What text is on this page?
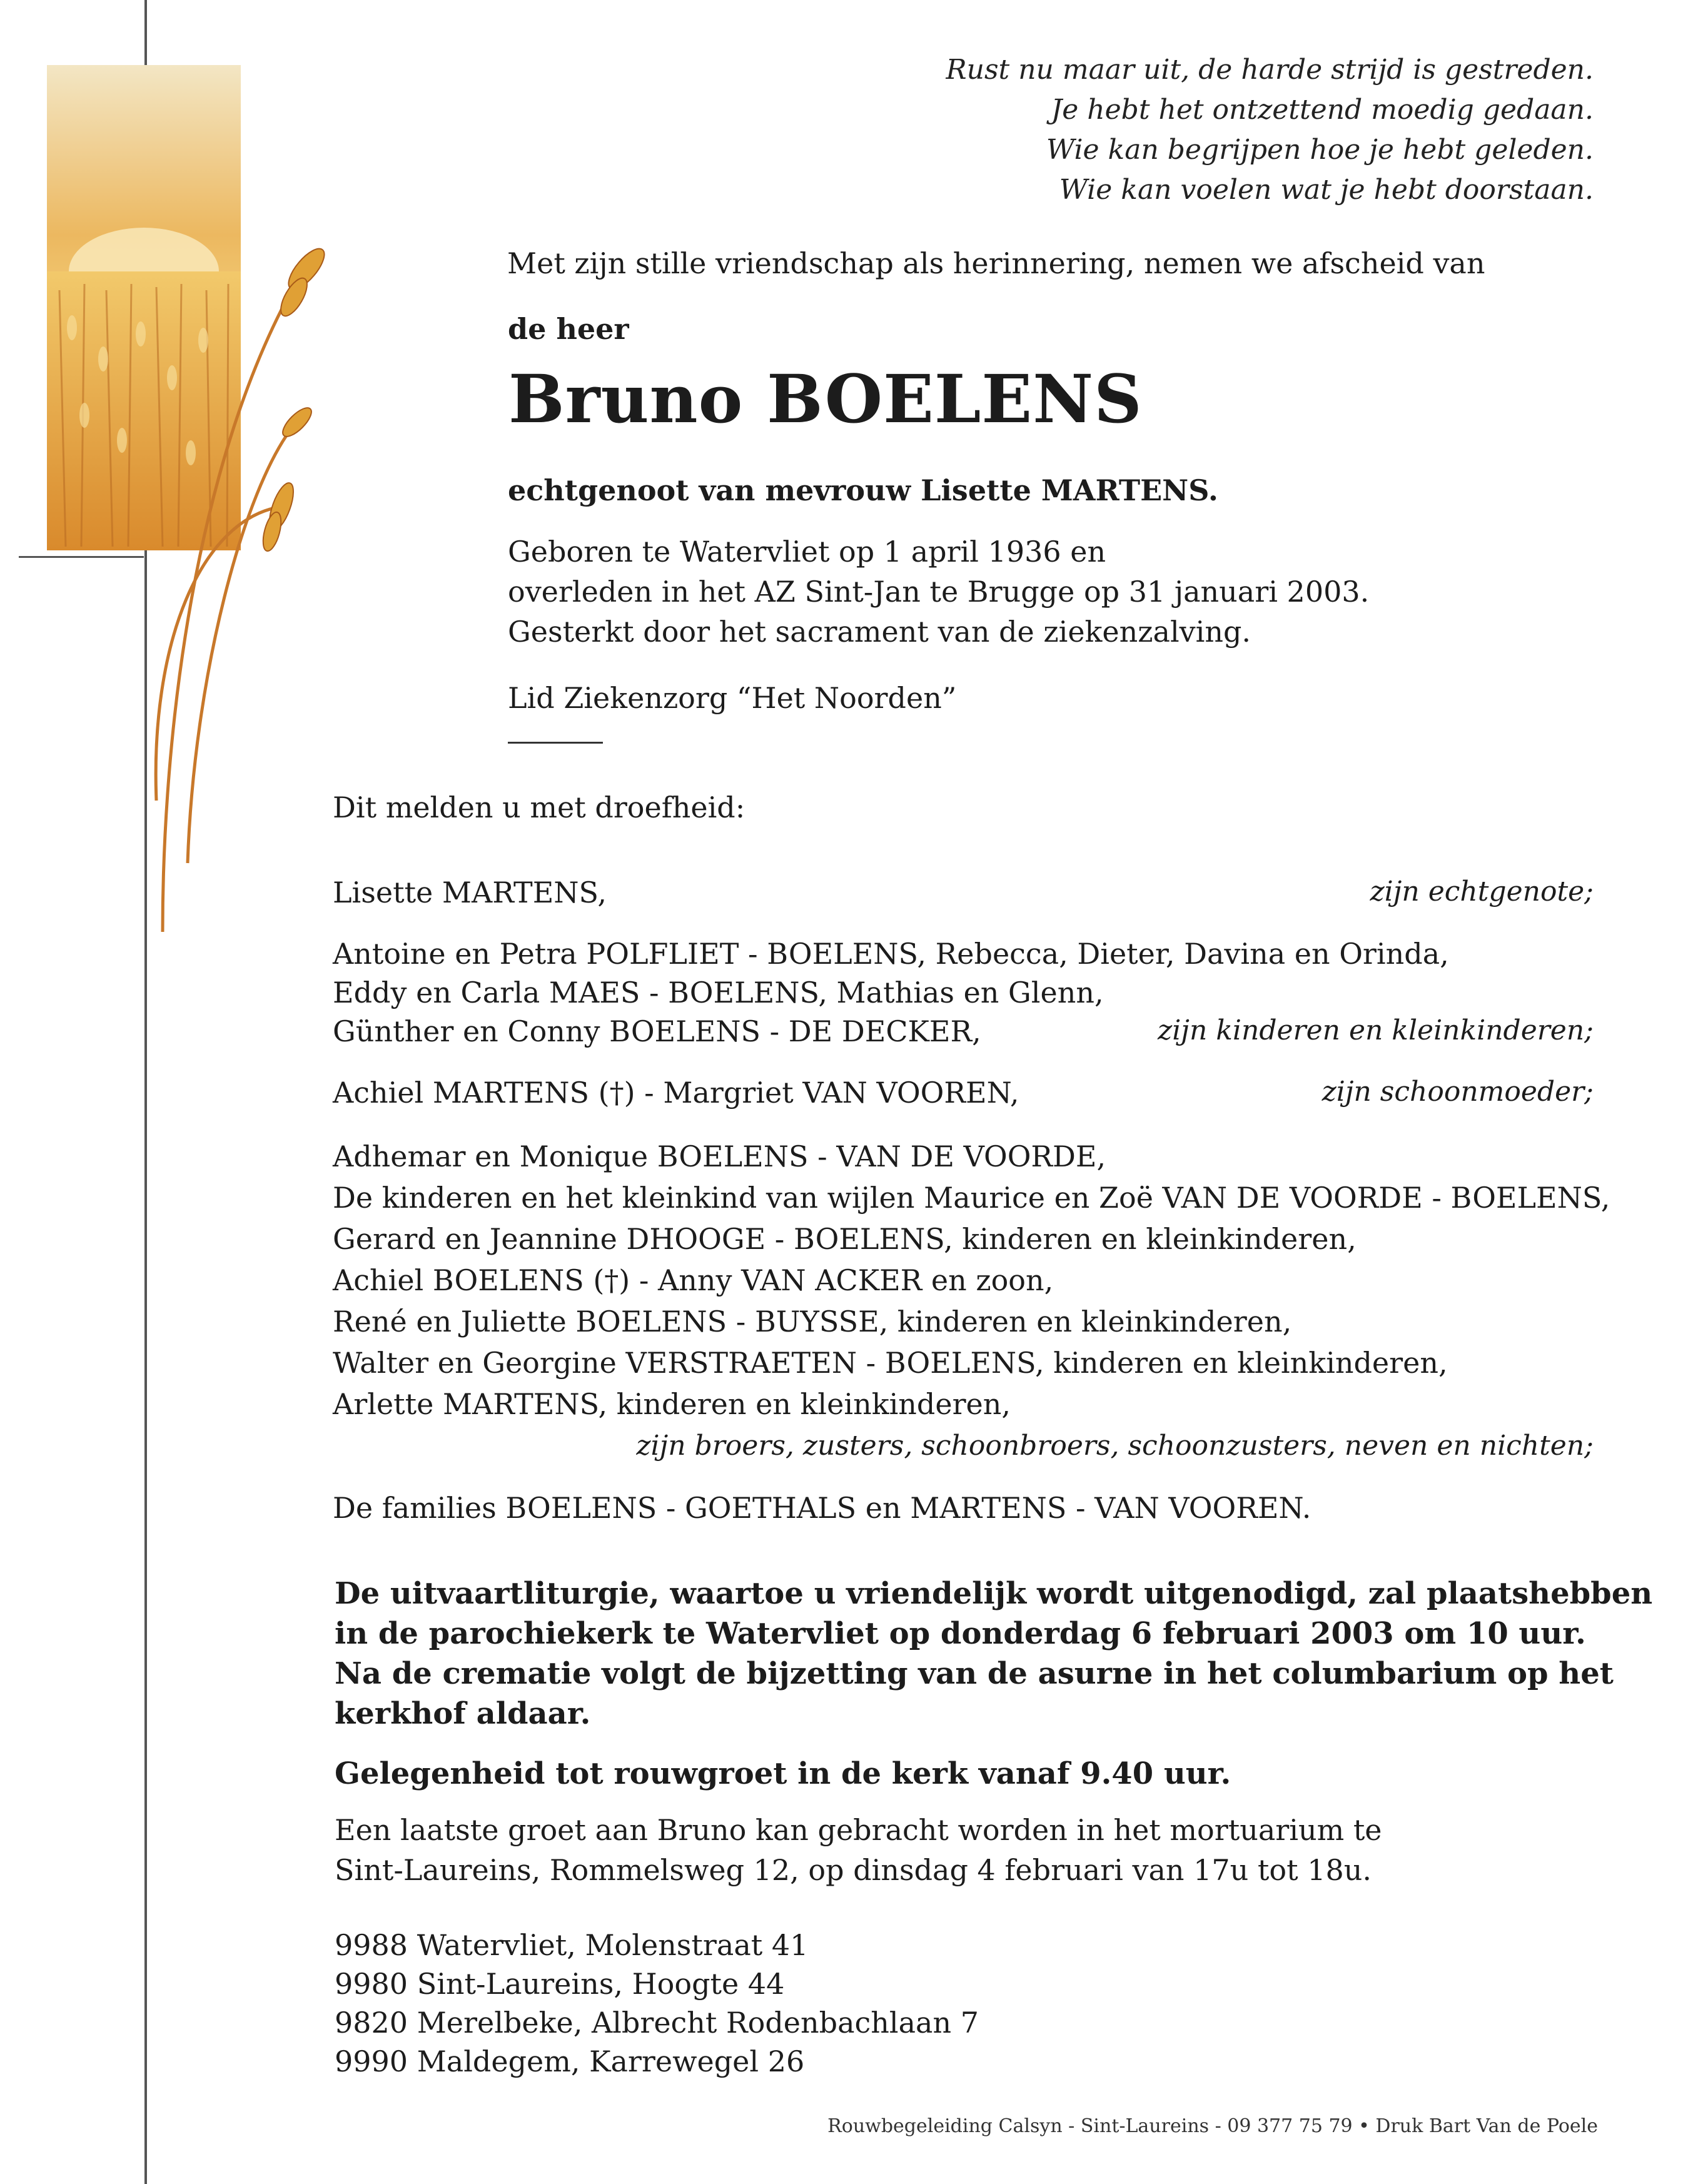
Rust nu maar uit, de harde strijd is gestreden.
Je hebt het ontzettend moedig gedaan.
Wie kan begrijpen hoe je hebt geleden.
Wie kan voelen wat je hebt doorstaan.
Met zijn stille vriendschap als herinnering, nemen we afscheid van
de heer
Bruno BOELENS
echtgenoot van mevrouw Lisette MARTENS.
Geboren te Watervliet op 1 april 1936 en
overleden in het AZ Sint-Jan te Brugge op 31 januari 2003.
Gesterkt door het sacrament van de ziekenzalving.
Lid Ziekenzorg “Het Noorden”
Dit melden u met droefheid:
Lisette MARTENS,	zijn echtgenote;
Antoine en Petra POLFLIET - BOELENS, Rebecca, Dieter, Davina en Orinda,
Eddy en Carla MAES - BOELENS, Mathias en Glenn,
Günther en Conny BOELENS - DE DECKER,	zijn kinderen en kleinkinderen;
Achiel MARTENS (†) - Margriet VAN VOOREN,	zijn schoonmoeder;
Adhemar en Monique BOELENS - VAN DE VOORDE,
De kinderen en het kleinkind van wijlen Maurice en Zoë VAN DE VOORDE - BOELENS,
Gerard en Jeannine DHOOGE - BOELENS, kinderen en kleinkinderen,
Achiel BOELENS (†) - Anny VAN ACKER en zoon,
René en Juliette BOELENS - BUYSSE, kinderen en kleinkinderen,
Walter en Georgine VERSTRAETEN - BOELENS, kinderen en kleinkinderen,
Arlette MARTENS, kinderen en kleinkinderen,
zijn broers, zusters, schoonbroers, schoonzusters, neven en nichten;
De families BOELENS - GOETHALS en MARTENS - VAN VOOREN.
De uitvaartliturgie, waartoe u vriendelijk wordt uitgenodigd, zal plaatshebben
in de parochiekerk te Watervliet op donderdag 6 februari 2003 om 10 uur.
Na de crematie volgt de bijzetting van de asurne in het columbarium op het
kerkhof aldaar.
Gelegenheid tot rouwgroet in de kerk vanaf 9.40 uur.
Een laatste groet aan Bruno kan gebracht worden in het mortuarium te
Sint-Laureins, Rommelsweg 12, op dinsdag 4 februari van 17u tot 18u.
9988 Watervliet, Molenstraat 41
9980 Sint-Laureins, Hoogte 44
9820 Merelbeke, Albrecht Rodenbachlaan 7
9990 Maldegem, Karrewegel 26
Rouwbegeleiding Calsyn - Sint-Laureins - 09 377 75 79 • Druk Bart Van de Poele
